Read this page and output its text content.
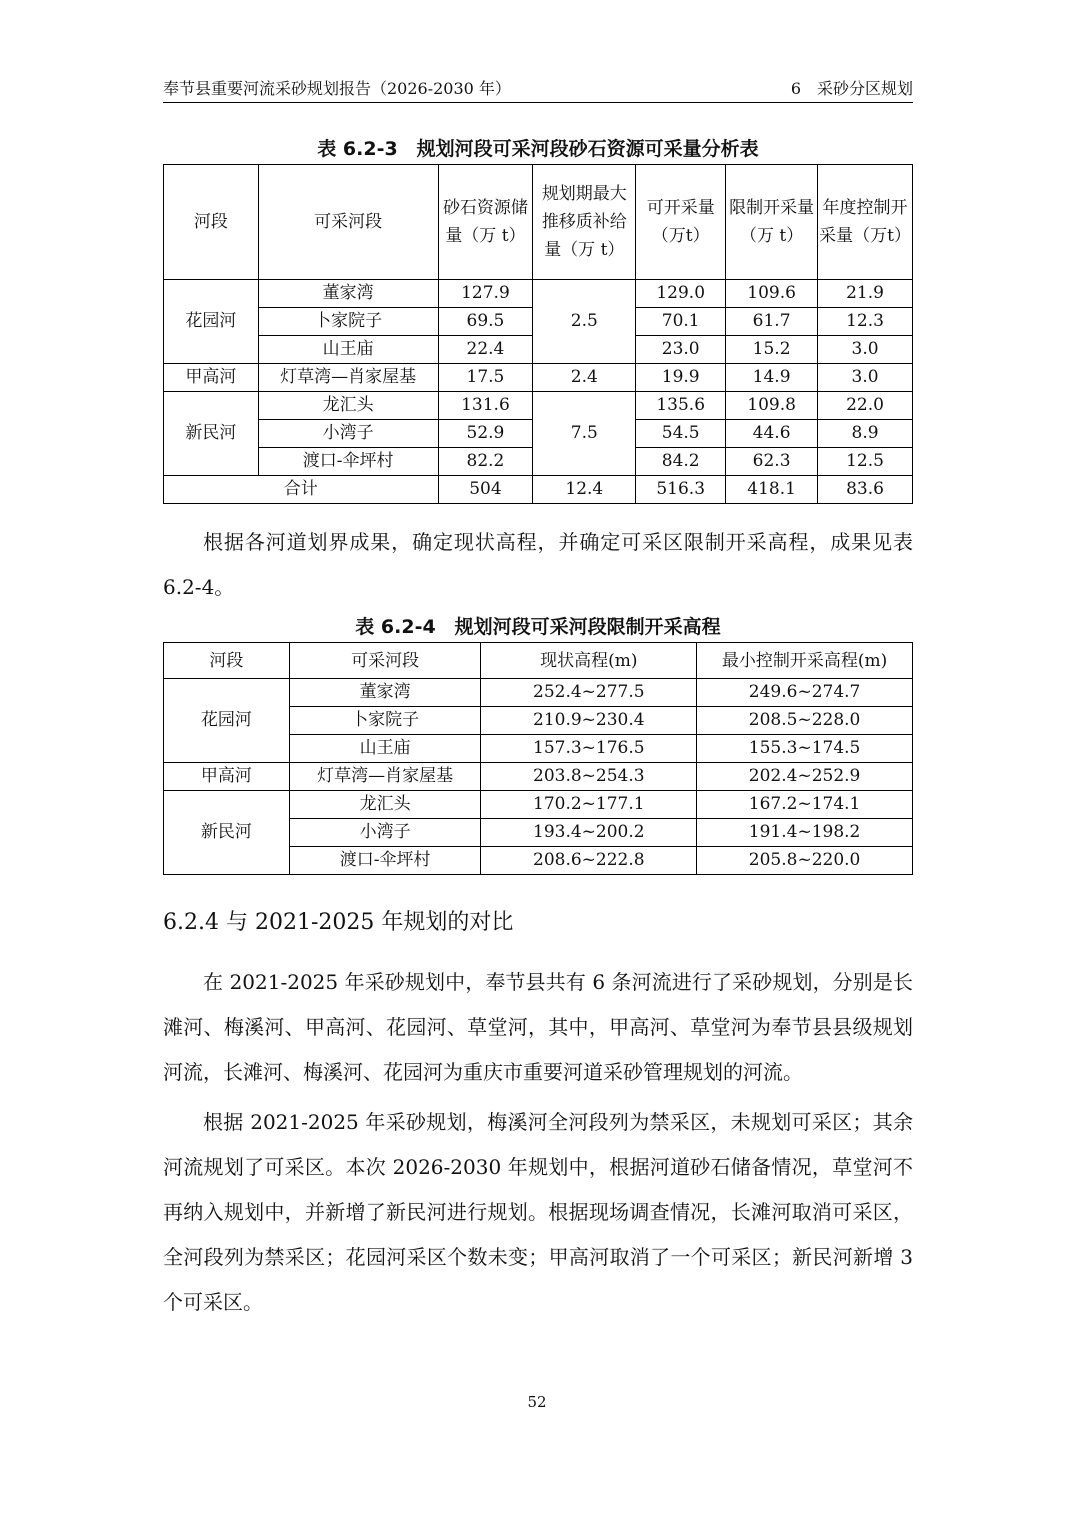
奉节县重要河流采砂规划报告（2026-2030 年）	6　采砂分区规划
表 6.2-3　规划河段可采河段砂石资源可采量分析表
河段	可采河段	砂石资源储量（万 t）	规划期最大推移质补给量（万 t）	可开采量（万t）	限制开采量（万 t）	年度控制开采量（万t）
花园河	董家湾	127.9	2.5	129.0	109.6	21.9
	卜家院子	69.5		70.1	61.7	12.3
	山王庙	22.4		23.0	15.2	3.0
甲高河	灯草湾—肖家屋基	17.5	2.4	19.9	14.9	3.0
新民河	龙汇头	131.6	7.5	135.6	109.8	22.0
	小湾子	52.9		54.5	44.6	8.9
	渡口-伞坪村	82.2		84.2	62.3	12.5
合计		504	12.4	516.3	418.1	83.6
根据各河道划界成果，确定现状高程，并确定可采区限制开采高程，成果见表 6.2-4。
表 6.2-4　规划河段可采河段限制开采高程
河段	可采河段	现状高程(m)	最小控制开采高程(m)
花园河	董家湾	252.4~277.5	249.6~274.7
	卜家院子	210.9~230.4	208.5~228.0
	山王庙	157.3~176.5	155.3~174.5
甲高河	灯草湾—肖家屋基	203.8~254.3	202.4~252.9
新民河	龙汇头	170.2~177.1	167.2~174.1
	小湾子	193.4~200.2	191.4~198.2
	渡口-伞坪村	208.6~222.8	205.8~220.0
6.2.4 与 2021-2025 年规划的对比
在 2021-2025 年采砂规划中，奉节县共有 6 条河流进行了采砂规划，分别是长滩河、梅溪河、甲高河、花园河、草堂河，其中，甲高河、草堂河为奉节县县级规划河流，长滩河、梅溪河、花园河为重庆市重要河道采砂管理规划的河流。
根据 2021-2025 年采砂规划，梅溪河全河段列为禁采区，未规划可采区；其余河流规划了可采区。本次 2026-2030 年规划中，根据河道砂石储备情况，草堂河不再纳入规划中，并新增了新民河进行规划。根据现场调查情况，长滩河取消可采区，全河段列为禁采区；花园河采区个数未变；甲高河取消了一个可采区；新民河新增 3 个可采区。
52
